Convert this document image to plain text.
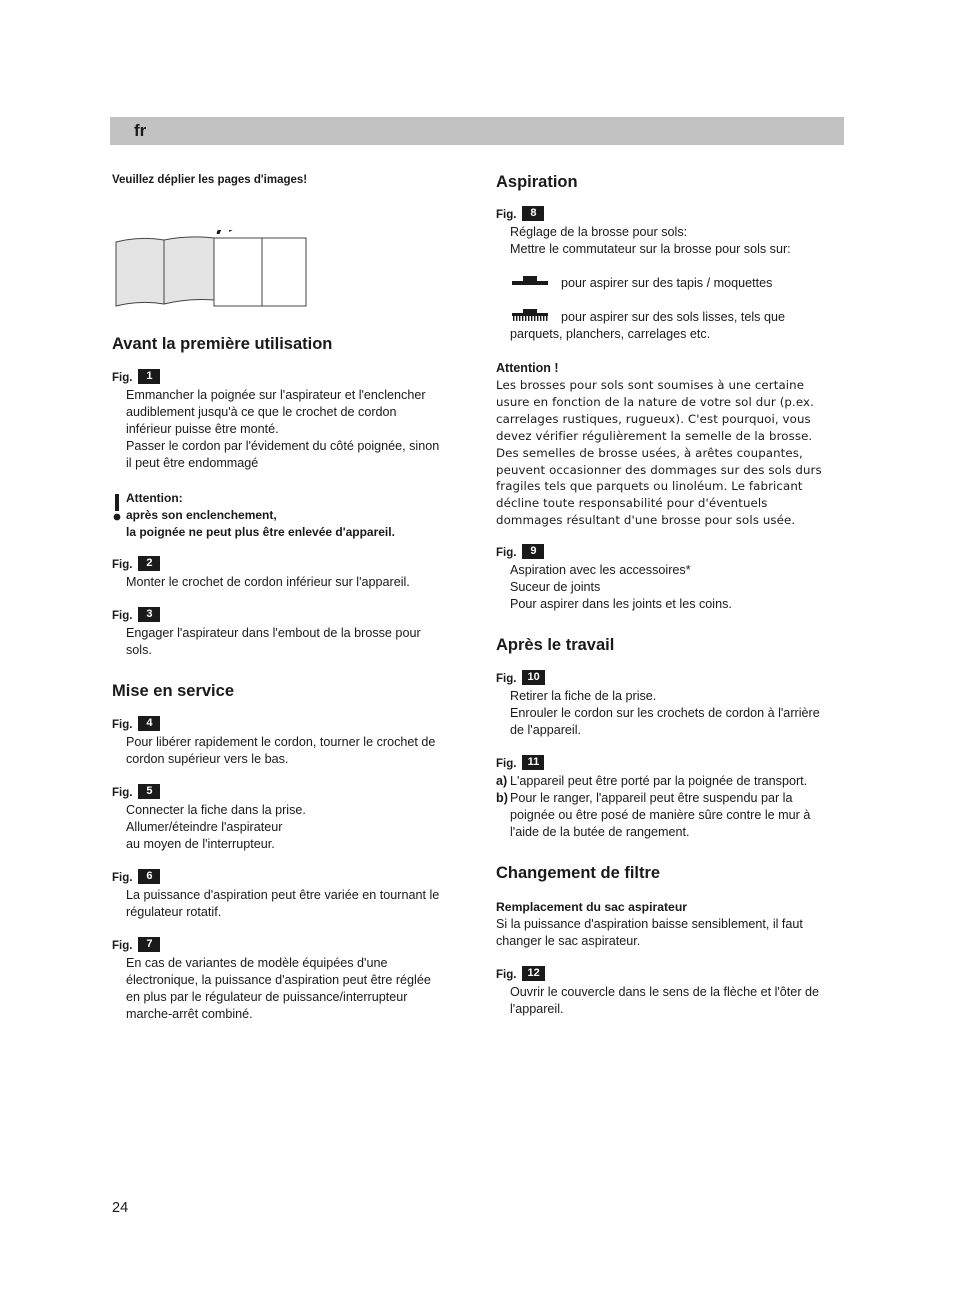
fr

Veuillez déplier les pages d'images!

Avant la première utilisation
Fig.	1

Emmancher la poignée sur l'aspirateur et l'enclencher

audiblement jusqu'à ce que le crochet de cordon

inférieur puisse être monté.

Passer le cordon par l'évidement du côté poignée, sinon

il peut être endommagé

Attention:

après son enclenchement,

la poignée ne peut plus être enlevée d'appareil.

Fig.	2

Monter le crochet de cordon inférieur sur l'appareil.

Fig.	3

Engager l'aspirateur dans l'embout de la brosse pour

sols.

Mise en service
Fig.	4

Pour libérer rapidement le cordon, tourner le crochet de

cordon supérieur vers le bas.

Fig.	5

Connecter la fiche dans la prise.

Allumer/éteindre l'aspirateur

au moyen de l'interrupteur.

Fig.	6

La puissance d'aspiration peut être variée en tournant le

régulateur rotatif.

Fig.	7

En cas de variantes de modèle équipées d'une

électronique, la puissance d'aspiration peut être réglée

en plus par le régulateur de puissance/interrupteur

marche-arrêt combiné.

Aspiration
Fig.	8

Réglage de la brosse pour sols:

Mettre le commutateur sur la brosse pour sols sur:

pour aspirer sur des tapis / moquettes
pour aspirer sur des sols lisses, tels que

parquets, planchers, carrelages etc.

Attention !

Les brosses pour sols sont soumises à une certaine
usure en fonction de la nature de votre sol dur (p.ex.
carrelages rustiques, rugueux). C'est pourquoi, vous
devez vérifier régulièrement la semelle de la brosse.
Des semelles de brosse usées, à arêtes coupantes,
peuvent occasionner des dommages sur des sols durs
fragiles tels que parquets ou linoléum. Le fabricant
décline toute responsabilité pour d'éventuels
dommages résultant d'une brosse pour sols usée.
Fig.	9

Aspiration avec les accessoires*

Suceur de joints

Pour aspirer dans les joints et les coins.

Après le travail
Fig.	10

Retirer la fiche de la prise.

Enrouler le cordon sur les crochets de cordon à l'arrière

de l'appareil.

Fig.	11
a) L'appareil peut être porté par la poignée de transport.
b) Pour le ranger, l'appareil peut être suspendu par la
poignée ou être posé de manière sûre contre le mur à
l'aide de la butée de rangement.
Changement de filtre

Remplacement du sac aspirateur

Si la puissance d'aspiration baisse sensiblement, il faut
changer le sac aspirateur.
Fig.	12

Ouvrir le couvercle dans le sens de la flèche et l'ôter de

l'appareil.

24
